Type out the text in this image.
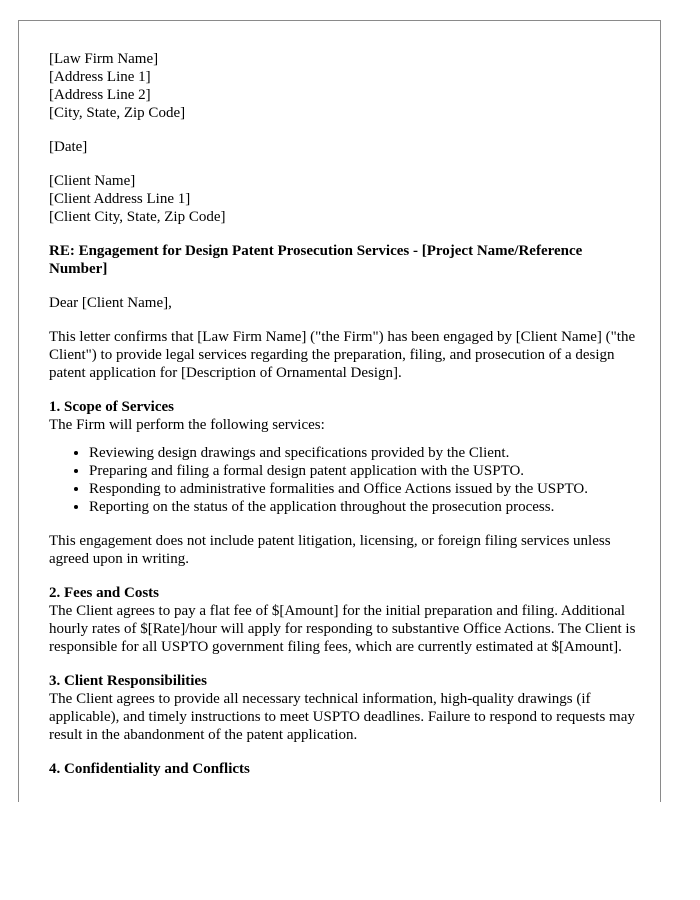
[Law Firm Name]
[Address Line 1]
[Address Line 2]
[City, State, Zip Code]

[Date]

[Client Name]
[Client Address Line 1]
[Client City, State, Zip Code]

RE: Engagement for Design Patent Prosecution Services - [Project Name/Reference Number]

Dear [Client Name],

This letter confirms that [Law Firm Name] ("the Firm") has been engaged by [Client Name] ("the Client") to provide legal services regarding the preparation, filing, and prosecution of a design patent application for [Description of Ornamental Design].

1. Scope of Services

The Firm will perform the following services:

• Reviewing design drawings and specifications provided by the Client.
• Preparing and filing a formal design patent application with the USPTO.
• Responding to administrative formalities and Office Actions issued by the USPTO.
• Reporting on the status of the application throughout the prosecution process.

This engagement does not include patent litigation, licensing, or foreign filing services unless agreed upon in writing.

2. Fees and Costs
The Client agrees to pay a flat fee of $[Amount] for the initial preparation and filing. Additional hourly rates of $[Rate]/hour will apply for responding to substantive Office Actions. The Client is responsible for all USPTO government filing fees, which are currently estimated at $[Amount].
3. Client Responsibilities
The Client agrees to provide all necessary technical information, high-quality drawings (if applicable), and timely instructions to meet USPTO deadlines. Failure to respond to requests may result in the abandonment of the patent application.
4. Confidentiality and Conflicts
